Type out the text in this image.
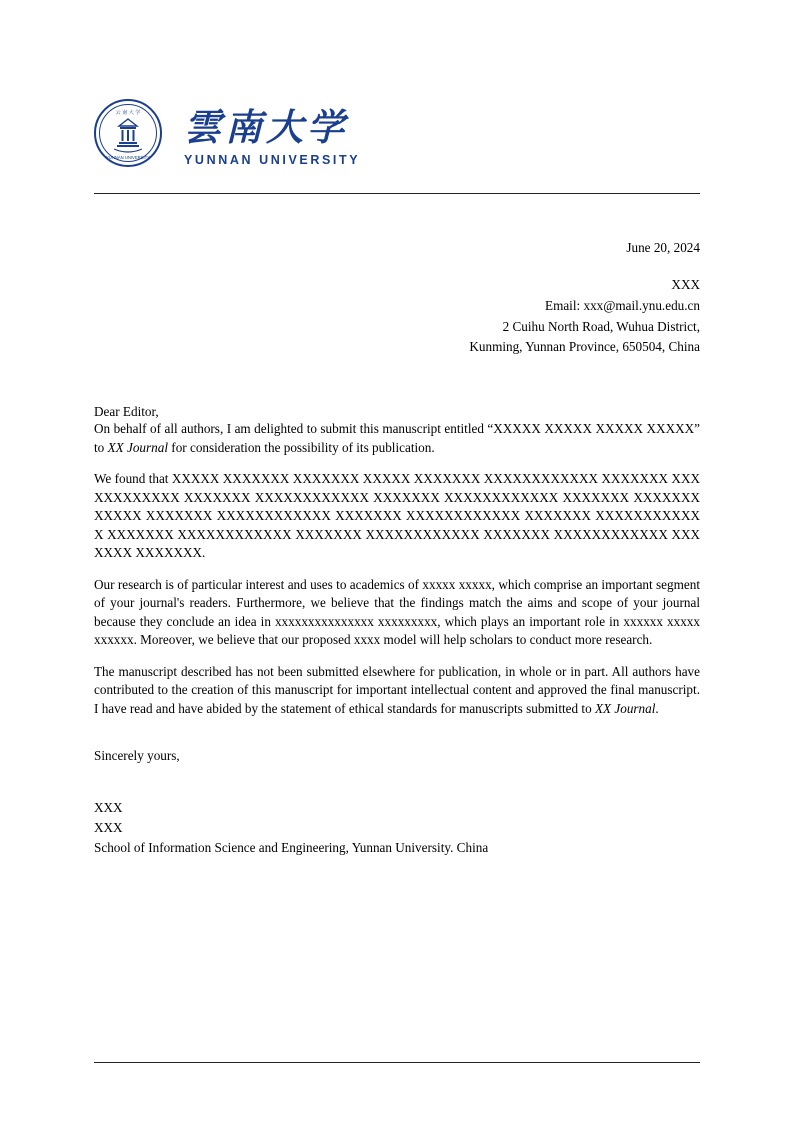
云 南 大 学
YUNNAN UNIVERSITY
雲南大学
YUNNAN UNIVERSITY
June 20, 2024
XXX
Email: xxx@mail.ynu.edu.cn
2 Cuihu North Road, Wuhua District,
Kunming, Yunnan Province, 650504, China
Dear Editor,

On behalf of all authors, I am delighted to submit this manuscript entitled “XXXXX XXXXX XXXXX XXXXX” to XX Journal for consideration the possibility of its publication.

We found that XXXXX XXXXXXX XXXXXXX XXXXX XXXXXXX XXXXXXXXXXXX XXXXXXX XXXXXXXXXXXX XXXXXXX XXXXXXXXXXXX XXXXXXX XXXXXXXXXXXX XXXXXXX XXXXXXXXXXXX XXXXXXX XXXXXXXXXXXX XXXXXXX XXXXXXXXXXXX XXXXXXX XXXXXXXXXXXX XXXXXXX XXXXXXXXXXXX XXXXXXX XXXXXXXXXXXX XXXXXXX XXXXXXXXXXXX XXXXXXX XXXXXXX.

Our research is of particular interest and uses to academics of xxxxx xxxxx, which comprise an important segment of your journal's readers. Furthermore, we believe that the findings match the aims and scope of your journal because they conclude an idea in xxxxxxxxxxxxxxx xxxxxxxxx, which plays an important role in xxxxxx xxxxx xxxxxx. Moreover, we believe that our proposed xxxx model will help scholars to conduct more research.

The manuscript described has not been submitted elsewhere for publication, in whole or in part. All authors have contributed to the creation of this manuscript for important intellectual content and approved the final manuscript. I have read and have abided by the statement of ethical standards for manuscripts submitted to XX Journal.

Sincerely yours,
XXX
XXX
School of Information Science and Engineering, Yunnan University. China
